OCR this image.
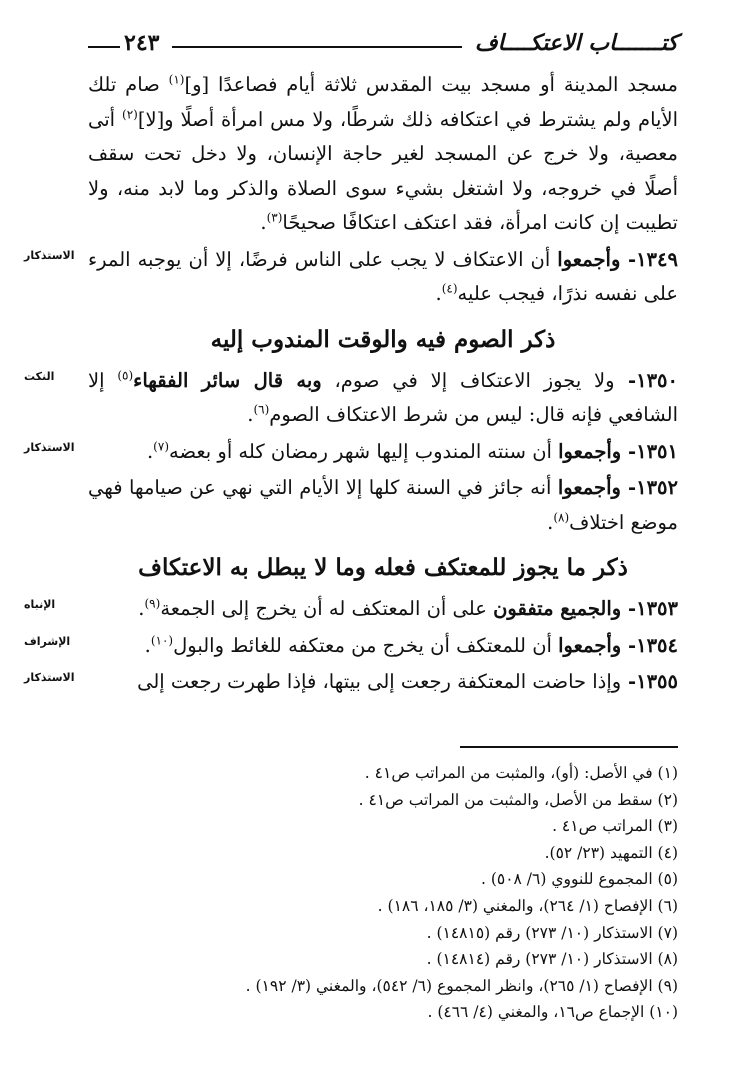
كتـــــــاب الاعتكــــاف
٢٤٣

مسجد المدينة أو مسجد بيت المقدس ثلاثة أيام فصاعدًا [و]$^{(١)}$ صام تلك الأيام ولم يشترط في اعتكافه ذلك شرطًا، ولا مس امرأة أصلًا و[لا]$^{(٢)}$ أتى معصية، ولا خرج عن المسجد لغير حاجة الإنسان، ولا دخل تحت سقف أصلًا في خروجه، ولا اشتغل بشيء سوى الصلاة والذكر وما لابد منه، ولا تطيبت إن كانت امرأة، فقد اعتكف اعتكافًا صحيحًا$^{(٣)}$.

١٣٤٩- وأجمعوا أن الاعتكاف لا يجب على الناس فرضًا، إلا أن يوجبه المرء على نفسه نذرًا، فيجب عليه$^{(٤)}$.

الاستذكار
ذكر الصوم فيه والوقت المندوب إليه

١٣٥٠- ولا يجوز الاعتكاف إلا في صوم، وبه قال سائر الفقهاء$^{(٥)}$ إلا الشافعي فإنه قال: ليس من شرط الاعتكاف الصوم$^{(٦)}$.

النكت

١٣٥١- وأجمعوا أن سنته المندوب إليها شهر رمضان كله أو بعضه$^{(٧)}$.

الاستذكار

١٣٥٢- وأجمعوا أنه جائز في السنة كلها إلا الأيام التي نهي عن صيامها فهي موضع اختلاف$^{(٨)}$.

ذكر ما يجوز للمعتكف فعله وما لا يبطل به الاعتكاف

١٣٥٣- والجميع متفقون على أن المعتكف له أن يخرج إلى الجمعة$^{(٩)}$.

الإنباه

١٣٥٤- وأجمعوا أن للمعتكف أن يخرج من معتكفه للغائط والبول$^{(١٠)}$.

الإشراف

١٣٥٥- وإذا حاضت المعتكفة رجعت إلى بيتها، فإذا طهرت رجعت إلى

الاستذكار

(١) في الأصل: (أو)، والمثبت من المراتب ص٤١ .

(٢) سقط من الأصل، والمثبت من المراتب ص٤١ .

(٣) المراتب ص٤١ .

(٤) التمهيد (٢٣/ ٥٢).

(٥) المجموع للنووي (٦/ ٥٠٨) .

(٦) الإفصاح (١/ ٢٦٤)، والمغني (٣/ ١٨٥، ١٨٦) .

(٧) الاستذكار (١٠/ ٢٧٣) رقم (١٤٨١٥) .

(٨) الاستذكار (١٠/ ٢٧٣) رقم (١٤٨١٤) .

(٩) الإفصاح (١/ ٢٦٥)، وانظر المجموع (٦/ ٥٤٢)، والمغني (٣/ ١٩٢) .

(١٠) الإجماع ص١٦، والمغني (٤/ ٤٦٦) .
